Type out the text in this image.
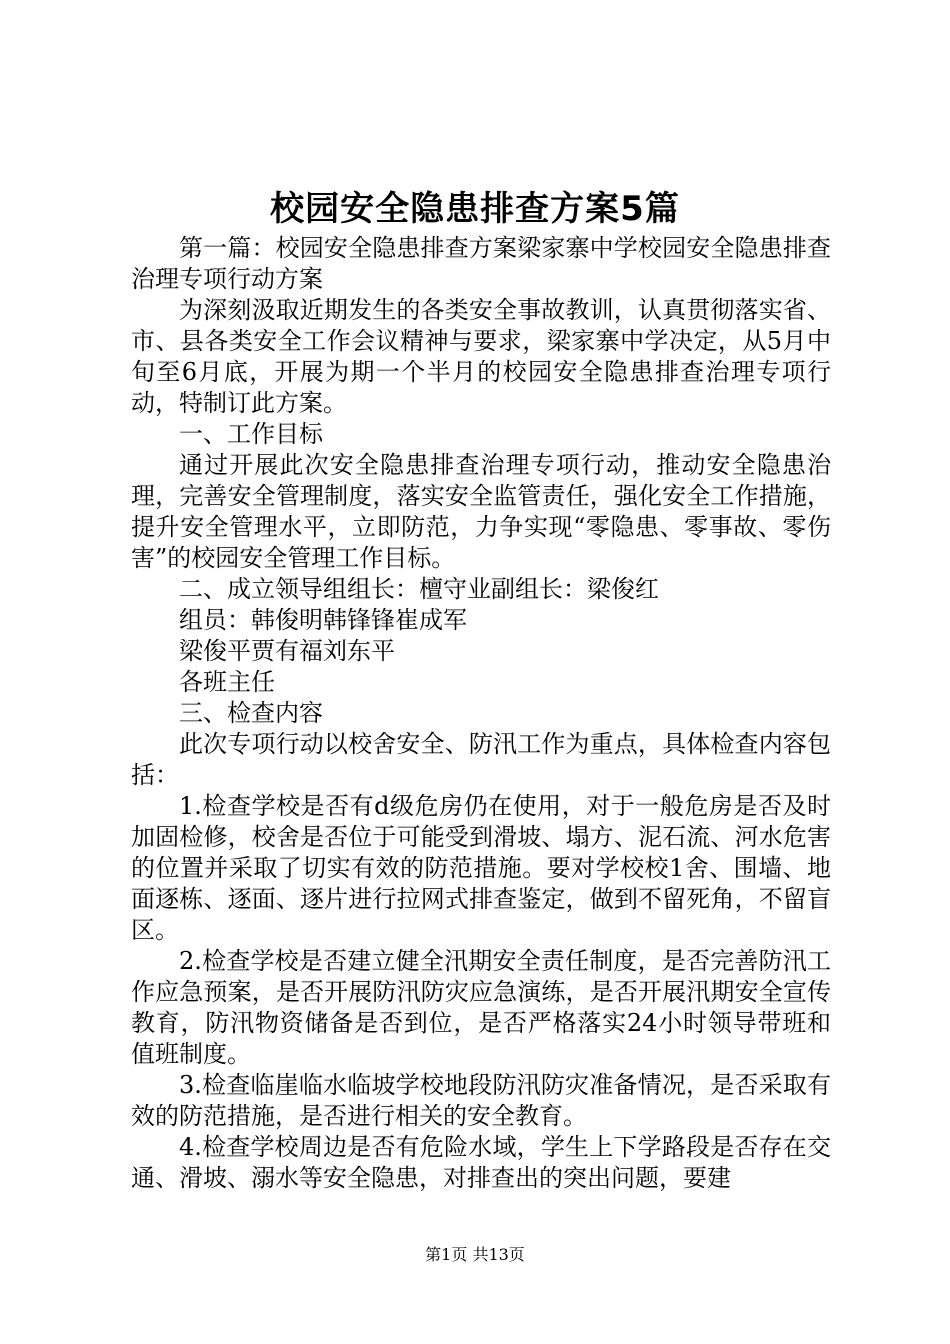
校园安全隐患排查方案5篇

第一篇：校园安全隐患排查方案梁家寨中学校园安全隐患排查治理专项行动方案

为深刻汲取近期发生的各类安全事故教训，认真贯彻落实省、市、县各类安全工作会议精神与要求，梁家寨中学决定，从5月中旬至6月底，开展为期一个半月的校园安全隐患排查治理专项行动，特制订此方案。

一、工作目标

通过开展此次安全隐患排查治理专项行动，推动安全隐患治理，完善安全管理制度，落实安全监管责任，强化安全工作措施，提升安全管理水平，立即防范，力争实现“零隐患、零事故、零伤害”的校园安全管理工作目标。

二、成立领导组组长：檀守业副组长：梁俊红

组员：韩俊明韩锋锋崔成军

梁俊平贾有福刘东平

各班主任

三、检查内容

此次专项行动以校舍安全、防汛工作为重点，具体检查内容包括：

1.检查学校是否有d级危房仍在使用，对于一般危房是否及时加固检修，校舍是否位于可能受到滑坡、塌方、泥石流、河水危害的位置并采取了切实有效的防范措施。要对学校校1舍、围墙、地面逐栋、逐面、逐片进行拉网式排查鉴定，做到不留死角，不留盲区。

2.检查学校是否建立健全汛期安全责任制度，是否完善防汛工作应急预案，是否开展防汛防灾应急演练，是否开展汛期安全宣传教育，防汛物资储备是否到位，是否严格落实24小时领导带班和值班制度。

3.检查临崖临水临坡学校地段防汛防灾准备情况，是否采取有效的防范措施，是否进行相关的安全教育。

4.检查学校周边是否有危险水域，学生上下学路段是否存在交通、滑坡、溺水等安全隐患，对排查出的突出问题，要建

第1页 共13页
